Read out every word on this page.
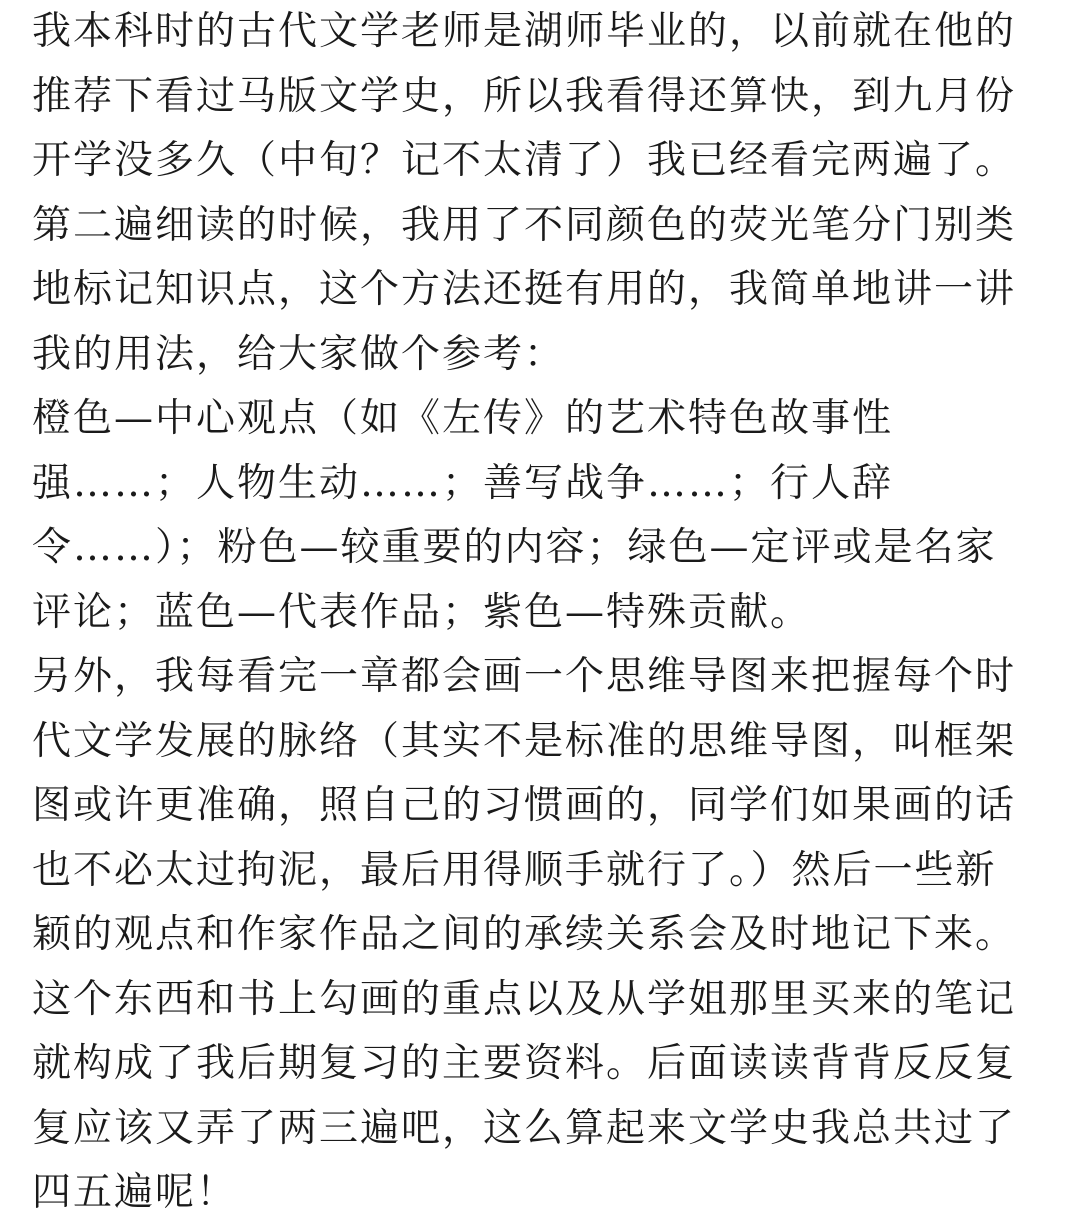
我本科时的古代文学老师是湖师毕业的，以前就在他的
推荐下看过马版文学史，所以我看得还算快，到九月份
开学没多久（中旬？记不太清了）我已经看完两遍了。
第二遍细读的时候，我用了不同颜色的荧光笔分门别类
地标记知识点，这个方法还挺有用的，我简单地讲一讲
我的用法，给大家做个参考：
橙色—中心观点（如《左传》的艺术特色故事性
强……；人物生动……；善写战争……；行人辞
令……）；粉色—较重要的内容；绿色—定评或是名家
评论；蓝色—代表作品；紫色—特殊贡献。
另外，我每看完一章都会画一个思维导图来把握每个时
代文学发展的脉络（其实不是标准的思维导图，叫框架
图或许更准确，照自己的习惯画的，同学们如果画的话
也不必太过拘泥，最后用得顺手就行了。）然后一些新
颖的观点和作家作品之间的承续关系会及时地记下来。
这个东西和书上勾画的重点以及从学姐那里买来的笔记
就构成了我后期复习的主要资料。后面读读背背反反复
复应该又弄了两三遍吧，这么算起来文学史我总共过了
四五遍呢！
